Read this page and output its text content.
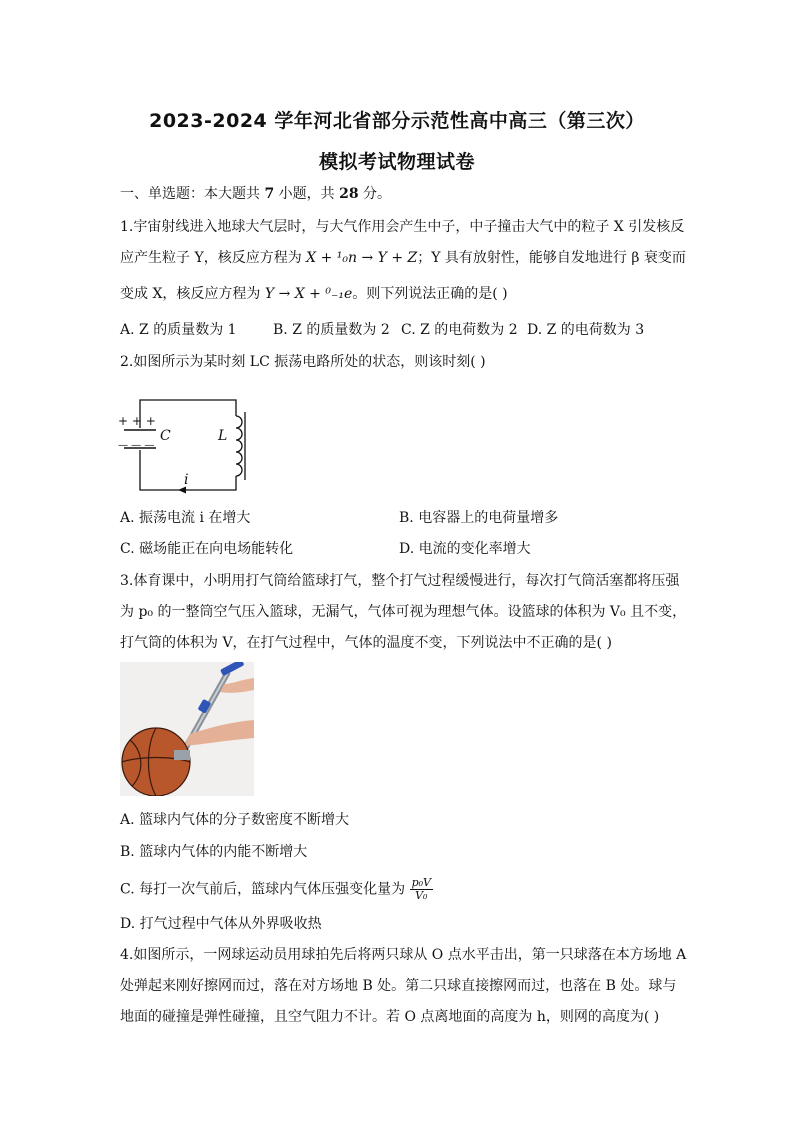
2023-2024 学年河北省部分示范性高中高三（第三次）
模拟考试物理试卷
一、单选题：本大题共 7 小题，共 28 分。
1.宇宙射线进入地球大气层时，与大气作用会产生中子，中子撞击大气中的粒子 X 引发核反
应产生粒子 Y，核反应方程为 X + ¹₀n → Y + Z；Y 具有放射性，能够自发地进行 β 衰变而
变成 X，核反应方程为 Y → X + ⁰₋₁e。则下列说法正确的是( )
A. Z 的质量数为 1	B. Z 的质量数为 2 C. Z 的电荷数为 2 D. Z 的电荷数为 3
2.如图所示为某时刻 LC 振荡电路所处的状态，则该时刻( )
+ + +
— — —
C	L
i
A. 振荡电流 i 在增大	B. 电容器上的电荷量增多
C. 磁场能正在向电场能转化	D. 电流的变化率增大
3.体育课中，小明用打气筒给篮球打气，整个打气过程缓慢进行，每次打气筒活塞都将压强
为 p₀ 的一整筒空气压入篮球，无漏气，气体可视为理想气体。设篮球的体积为 V₀ 且不变，
打气筒的体积为 V，在打气过程中，气体的温度不变，下列说法中不正确的是( )
A. 篮球内气体的分子数密度不断增大
B. 篮球内气体的内能不断增大
C. 每打一次气前后，篮球内气体压强变化量为 $\frac{\text{p₀V}}{\text{V₀}}$
D. 打气过程中气体从外界吸收热
4.如图所示，一网球运动员用球拍先后将两只球从 O 点水平击出，第一只球落在本方场地 A
处弹起来刚好擦网而过，落在对方场地 B 处。第二只球直接擦网而过，也落在 B 处。球与
地面的碰撞是弹性碰撞，且空气阻力不计。若 O 点离地面的高度为 h，则网的高度为( )
